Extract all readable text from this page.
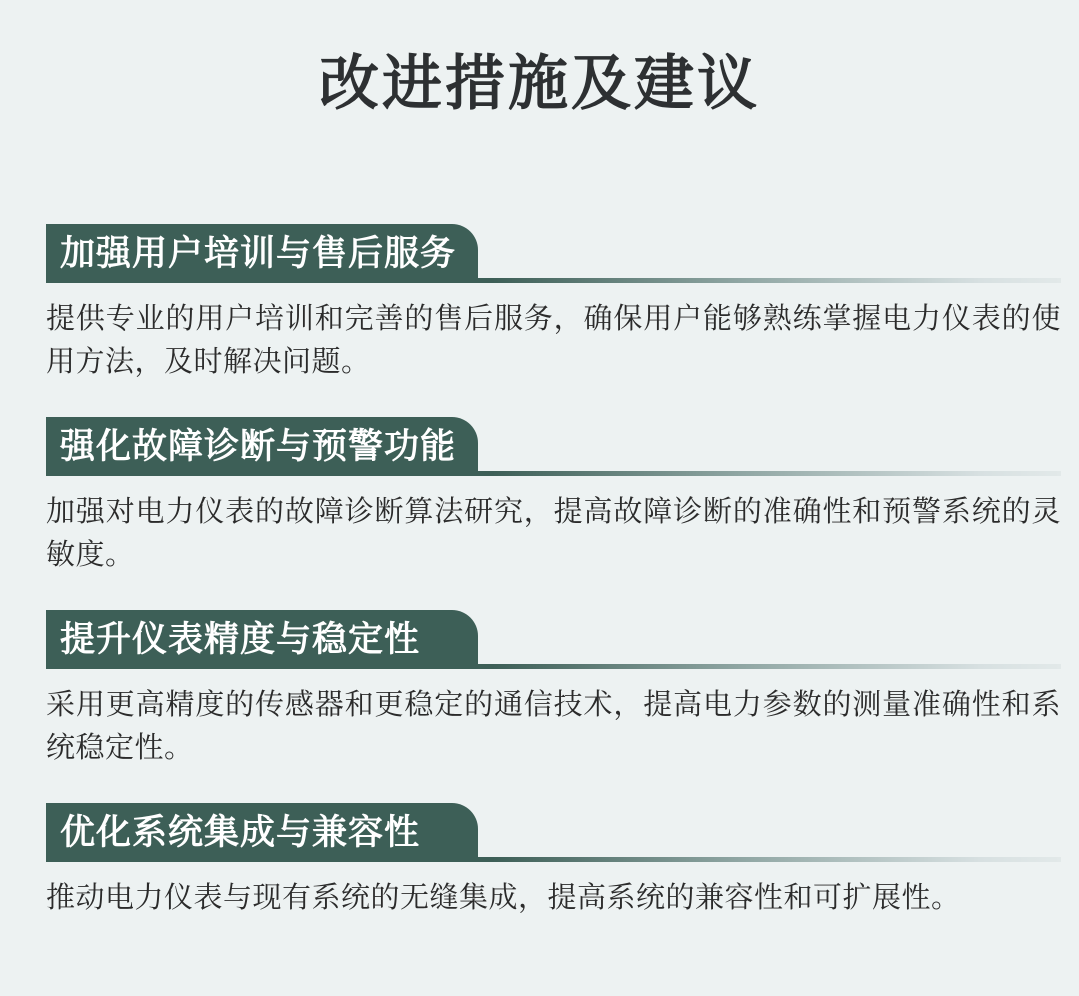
改进措施及建议
加强用户培训与售后服务

提供专业的用户培训和完善的售后服务，确保用户能够熟练掌握电力仪表的使用方法，及时解决问题。

强化故障诊断与预警功能

加强对电力仪表的故障诊断算法研究，提高故障诊断的准确性和预警系统的灵敏度。

提升仪表精度与稳定性

采用更高精度的传感器和更稳定的通信技术，提高电力参数的测量准确性和系统稳定性。

优化系统集成与兼容性

推动电力仪表与现有系统的无缝集成，提高系统的兼容性和可扩展性。
